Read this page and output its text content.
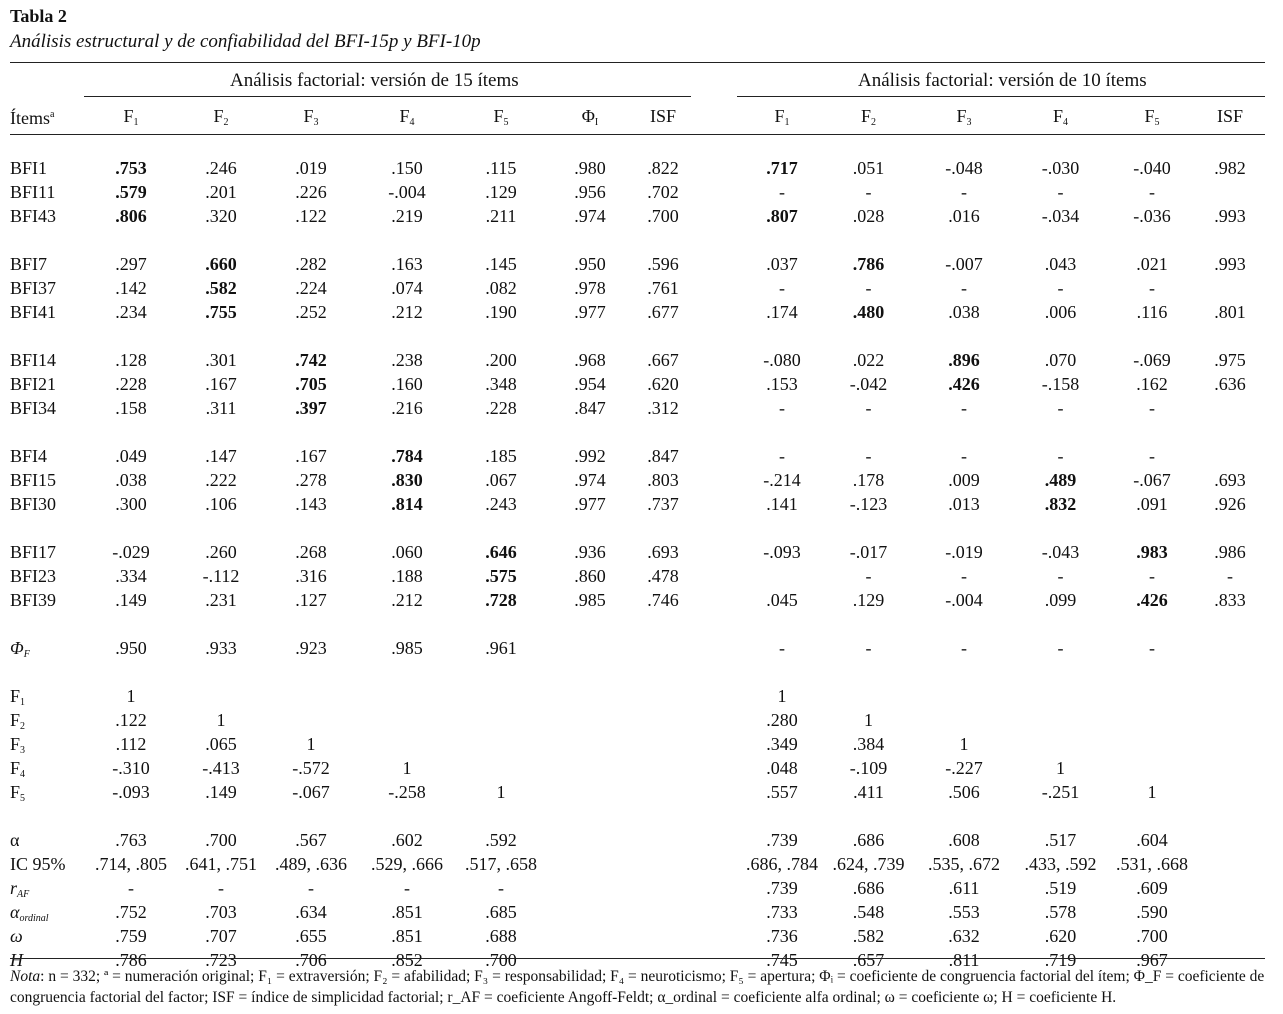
Tabla 2
Análisis estructural y de confiabilidad del BFI-15p y BFI-10p
Análisis factorial: versión de 15 ítems	Análisis factorial: versión de 10 ítems
Ítems$^a$	$F_1$	$F_2$	$F_3$	$F_4$	$F_5$	$\Phi_I$	ISF		$F_1$	$F_2$	$F_3$	$F_4$	$F_5$	ISF

BFI1	.753	.246	.019	.150	.115	.980	.822		.717	.051	-.048	-.030	-.040	.982
BFI11	.579	.201	.226	-.004	.129	.956	.702		-	-	-	-	-	
BFI43	.806	.320	.122	.219	.211	.974	.700		.807	.028	.016	-.034	-.036	.993

BFI7	.297	.660	.282	.163	.145	.950	.596		.037	.786	-.007	.043	.021	.993
BFI37	.142	.582	.224	.074	.082	.978	.761		-	-	-	-	-	
BFI41	.234	.755	.252	.212	.190	.977	.677		.174	.480	.038	.006	.116	.801

BFI14	.128	.301	.742	.238	.200	.968	.667		-.080	.022	.896	.070	-.069	.975
BFI21	.228	.167	.705	.160	.348	.954	.620		.153	-.042	.426	-.158	.162	.636
BFI34	.158	.311	.397	.216	.228	.847	.312		-	-	-	-	-	

BFI4	.049	.147	.167	.784	.185	.992	.847		-	-	-	-	-	
BFI15	.038	.222	.278	.830	.067	.974	.803		-.214	.178	.009	.489	-.067	.693
BFI30	.300	.106	.143	.814	.243	.977	.737		.141	-.123	.013	.832	.091	.926

BFI17	-.029	.260	.268	.060	.646	.936	.693		-.093	-.017	-.019	-.043	.983	.986
BFI23	.334	-.112	.316	.188	.575	.860	.478			-	-	-	-	-
BFI39	.149	.231	.127	.212	.728	.985	.746		.045	.129	-.004	.099	.426	.833

$\Phi_F$	.950	.933	.923	.985	.961				-	-	-	-	-	

$F_1$	1								1					
$F_2$	.122	1							.280	1				
$F_3$	.112	.065	1						.349	.384	1			
$F_4$	-.310	-.413	-.572	1					.048	-.109	-.227	1		
$F_5$	-.093	.149	-.067	-.258	1				.557	.411	.506	-.251	1	

α	.763	.700	.567	.602	.592				.739	.686	.608	.517	.604	
IC 95%	.714, .805	.641, .751	.489, .636	.529, .666	.517, .658				.686, .784	.624, .739	.535, .672	.433, .592	.531, .668	
$r_{AF}$	-	-	-	-	-				.739	.686	.611	.519	.609	
$\alpha_{ordinal}$	.752	.703	.634	.851	.685				.733	.548	.553	.578	.590	
ω	.759	.707	.655	.851	.688				.736	.582	.632	.620	.700	
H	.786	.723	.706	.852	.700				.745	.657	.811	.719	.967	
Nota: n = 332; ª = numeración original; F₁ = extraversión; F₂ = afabilidad; F₃ = responsabilidad; F₄ = neuroticismo; F₅ = apertura; Φᵢ = coeficiente de congruencia factorial del ítem; Φ_F = coeficiente de congruencia factorial del factor; ISF = índice de simplicidad factorial; r_AF = coeficiente Angoff-Feldt; α_ordinal = coeficiente alfa ordinal; ω = coeficiente ω; H = coeficiente H.
